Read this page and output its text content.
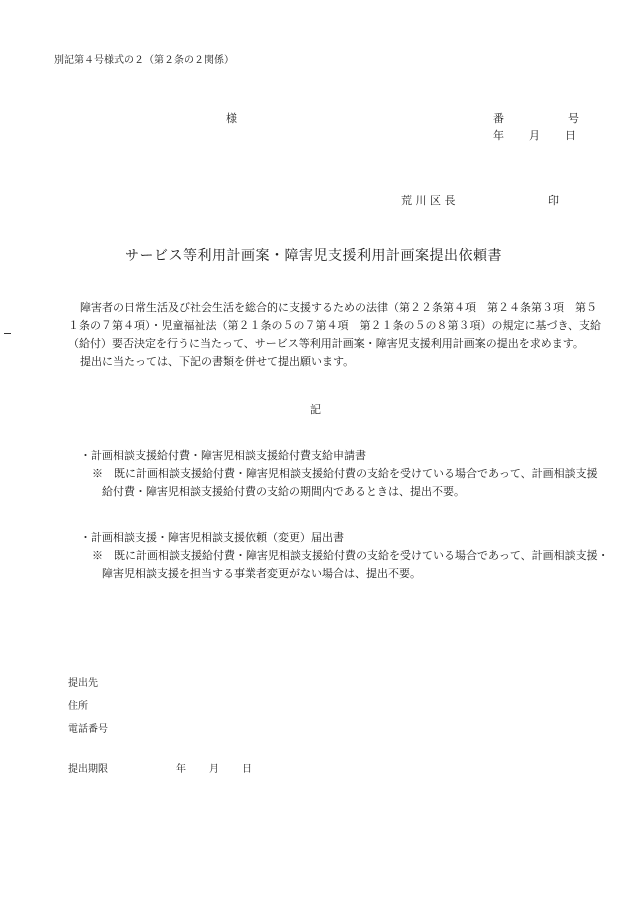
別記第４号様式の２（第２条の２関係）
様	番	号
年 月 日
荒 川 区 長	印
サービス等利用計画案・障害児支援利用計画案提出依頼書
障害者の日常生活及び社会生活を総合的に支援するための法律（第２２条第４項　第２４条第３項　第５
１条の７第４項）・児童福祉法（第２１条の５の７第４項　第２１条の５の８第３項）の規定に基づき、支給
（給付）要否決定を行うに当たって、サービス等利用計画案・障害児支援利用計画案の提出を求めます。
提出に当たっては、下記の書類を併せて提出願います。
記
・計画相談支援給付費・障害児相談支援給付費支給申請書
※　既に計画相談支援給付費・障害児相談支援給付費の支給を受けている場合であって、計画相談支援
給付費・障害児相談支援給付費の支給の期間内であるときは、提出不要。
・計画相談支援・障害児相談支援依頼（変更）届出書
※　既に計画相談支援給付費・障害児相談支援給付費の支給を受けている場合であって、計画相談支援・
障害児相談支援を担当する事業者変更がない場合は、提出不要。
提出先
住所
電話番号
提出期限	年 月 日
